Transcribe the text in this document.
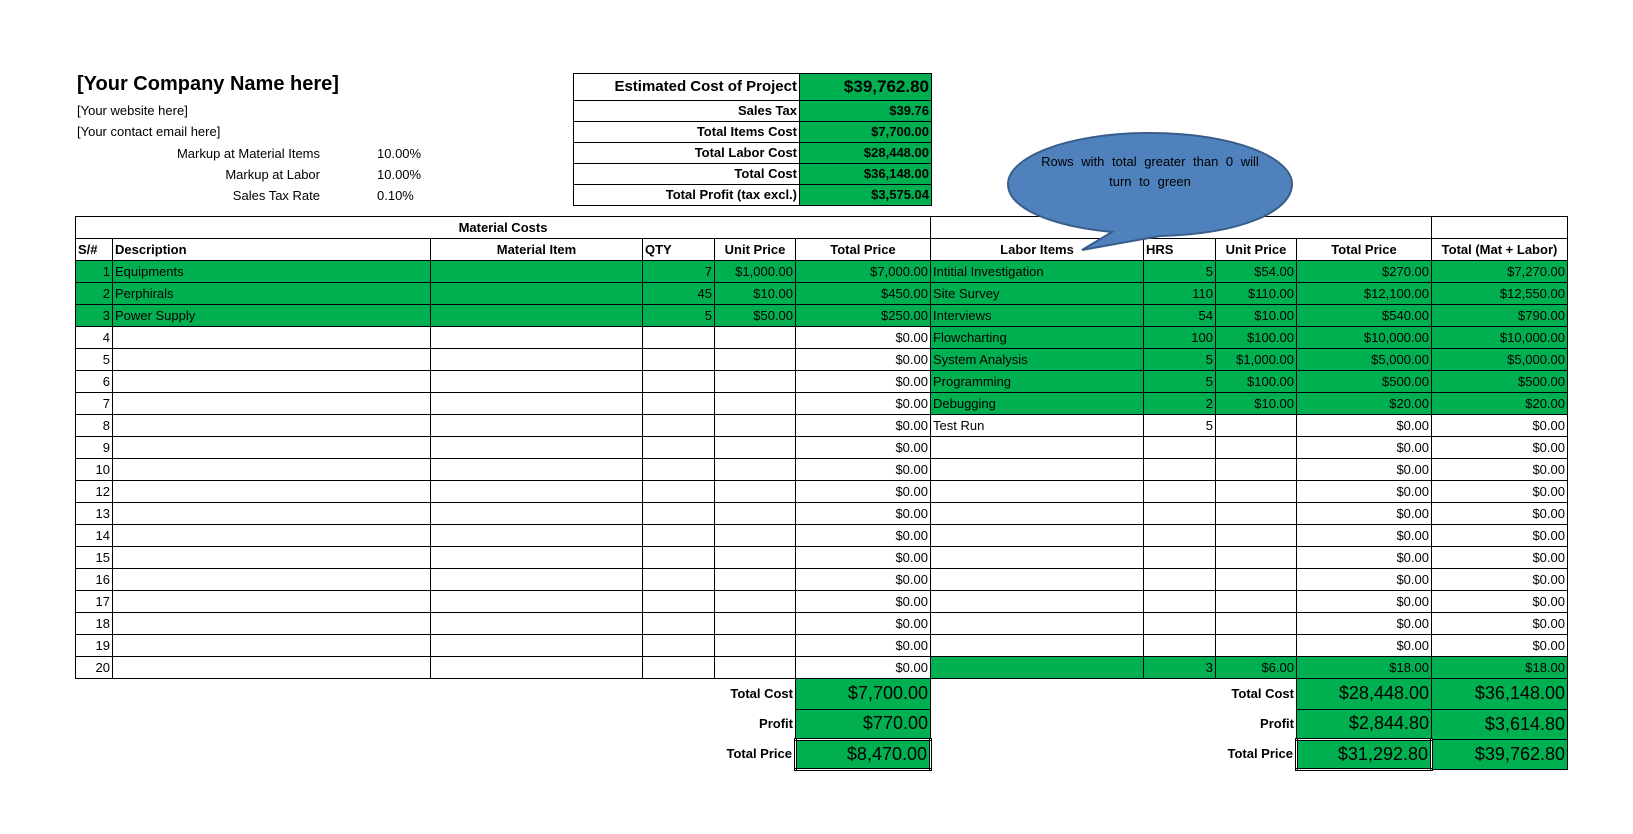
[Your Company Name here]
[Your website here]
[Your contact email here]
Markup at Material Items	10.00%
Markup at Labor	10.00%
Sales Tax Rate	0.10%
Estimated Cost of Project	$39,762.80
Sales Tax	$39.76
Total Items Cost	$7,700.00
Total Labor Cost	$28,448.00
Total Cost	$36,148.00
Total Profit (tax excl.)	$3,575.04
Material Costs										
S/#	Description	Material Item	QTY	Unit Price	Total Price	Labor Items	HRS	Unit Price	Total Price	Total (Mat + Labor)
1	Equipments		7	$1,000.00	$7,000.00	Intitial Investigation	5	$54.00	$270.00	$7,270.00
2	Perphirals		45	$10.00	$450.00	Site Survey	110	$110.00	$12,100.00	$12,550.00
3	Power Supply		5	$50.00	$250.00	Interviews	54	$10.00	$540.00	$790.00
4					$0.00	Flowcharting	100	$100.00	$10,000.00	$10,000.00
5					$0.00	System Analysis	5	$1,000.00	$5,000.00	$5,000.00
6					$0.00	Programming	5	$100.00	$500.00	$500.00
7					$0.00	Debugging	2	$10.00	$20.00	$20.00
8					$0.00	Test Run	5		$0.00	$0.00
9					$0.00				$0.00	$0.00
10					$0.00				$0.00	$0.00
12					$0.00				$0.00	$0.00
13					$0.00				$0.00	$0.00
14					$0.00				$0.00	$0.00
15					$0.00				$0.00	$0.00
16					$0.00				$0.00	$0.00
17					$0.00				$0.00	$0.00
18					$0.00				$0.00	$0.00
19					$0.00				$0.00	$0.00
20					$0.00		3	$6.00	$18.00	$18.00
				Total Cost	$7,700.00			Total Cost	$28,448.00	$36,148.00
				Profit	$770.00			Profit	$2,844.80	$3,614.80
				Total Price	$8,470.00			Total Price	$31,292.80	$39,762.80
Rows with total greater than 0 will turn to green
